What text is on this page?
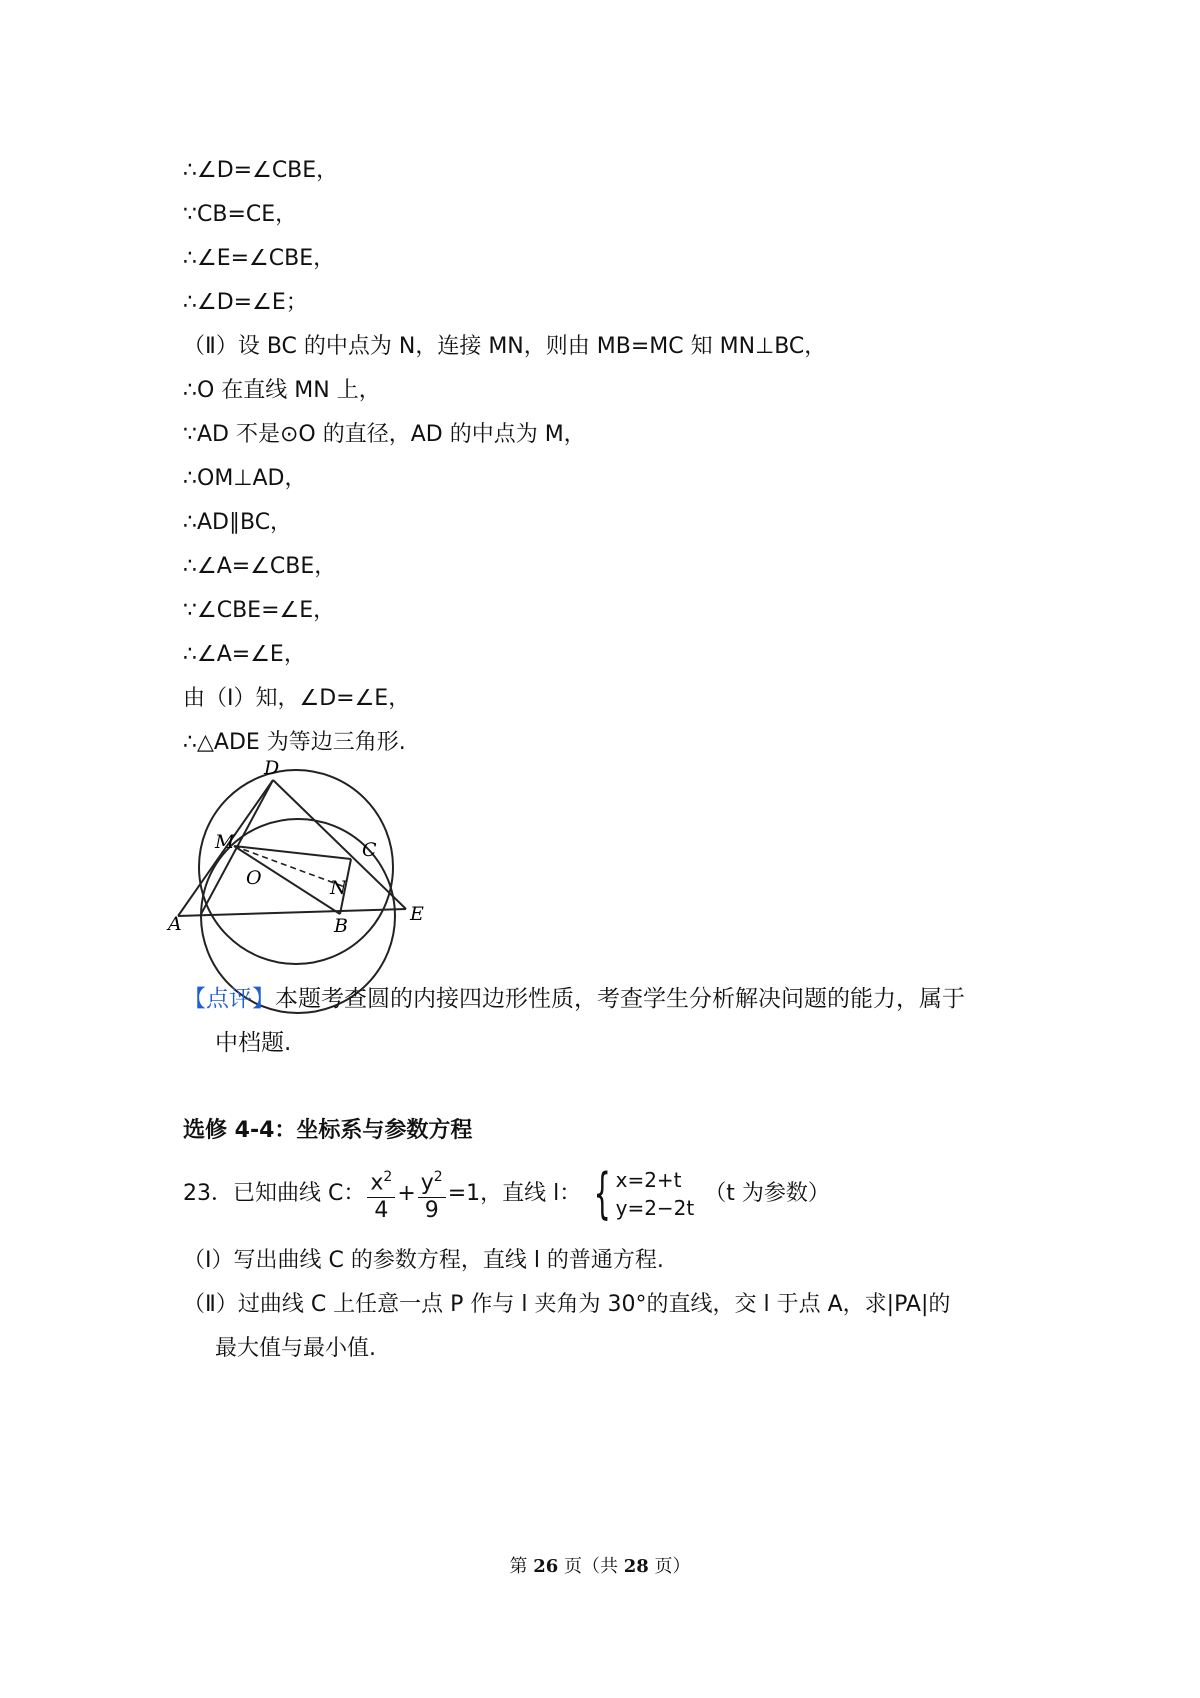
∴∠D=∠CBE，
∵CB=CE，
∴∠E=∠CBE，
∴∠D=∠E；
（Ⅱ）设 BC 的中点为 N，连接 MN，则由 MB=MC 知 MN⊥BC，
∴O 在直线 MN 上，
∵AD 不是⊙O 的直径，AD 的中点为 M，
∴OM⊥AD，
∴AD∥BC，
∴∠A=∠CBE，
∵∠CBE=∠E，
∴∠A=∠E，
由（Ⅰ）知，∠D=∠E，
∴△ADE 为等边三角形.
D
M	C
O	N
A	B
E
【点评】本题考查圆的内接四边形性质，考查学生分析解决问题的能力，属于
中档题.
选修 4-4：坐标系与参数方程
23．已知曲线 C： $\frac{x^2}{4} + \frac{y^2}{9} =1$，直线 l： { x=2+t
y=2−2t
（t 为参数）
（Ⅰ）写出曲线 C 的参数方程，直线 l 的普通方程.
（Ⅱ）过曲线 C 上任意一点 P 作与 l 夹角为 30°的直线，交 l 于点 A，求|PA|的
最大值与最小值.
第 26 页（共 28 页）
